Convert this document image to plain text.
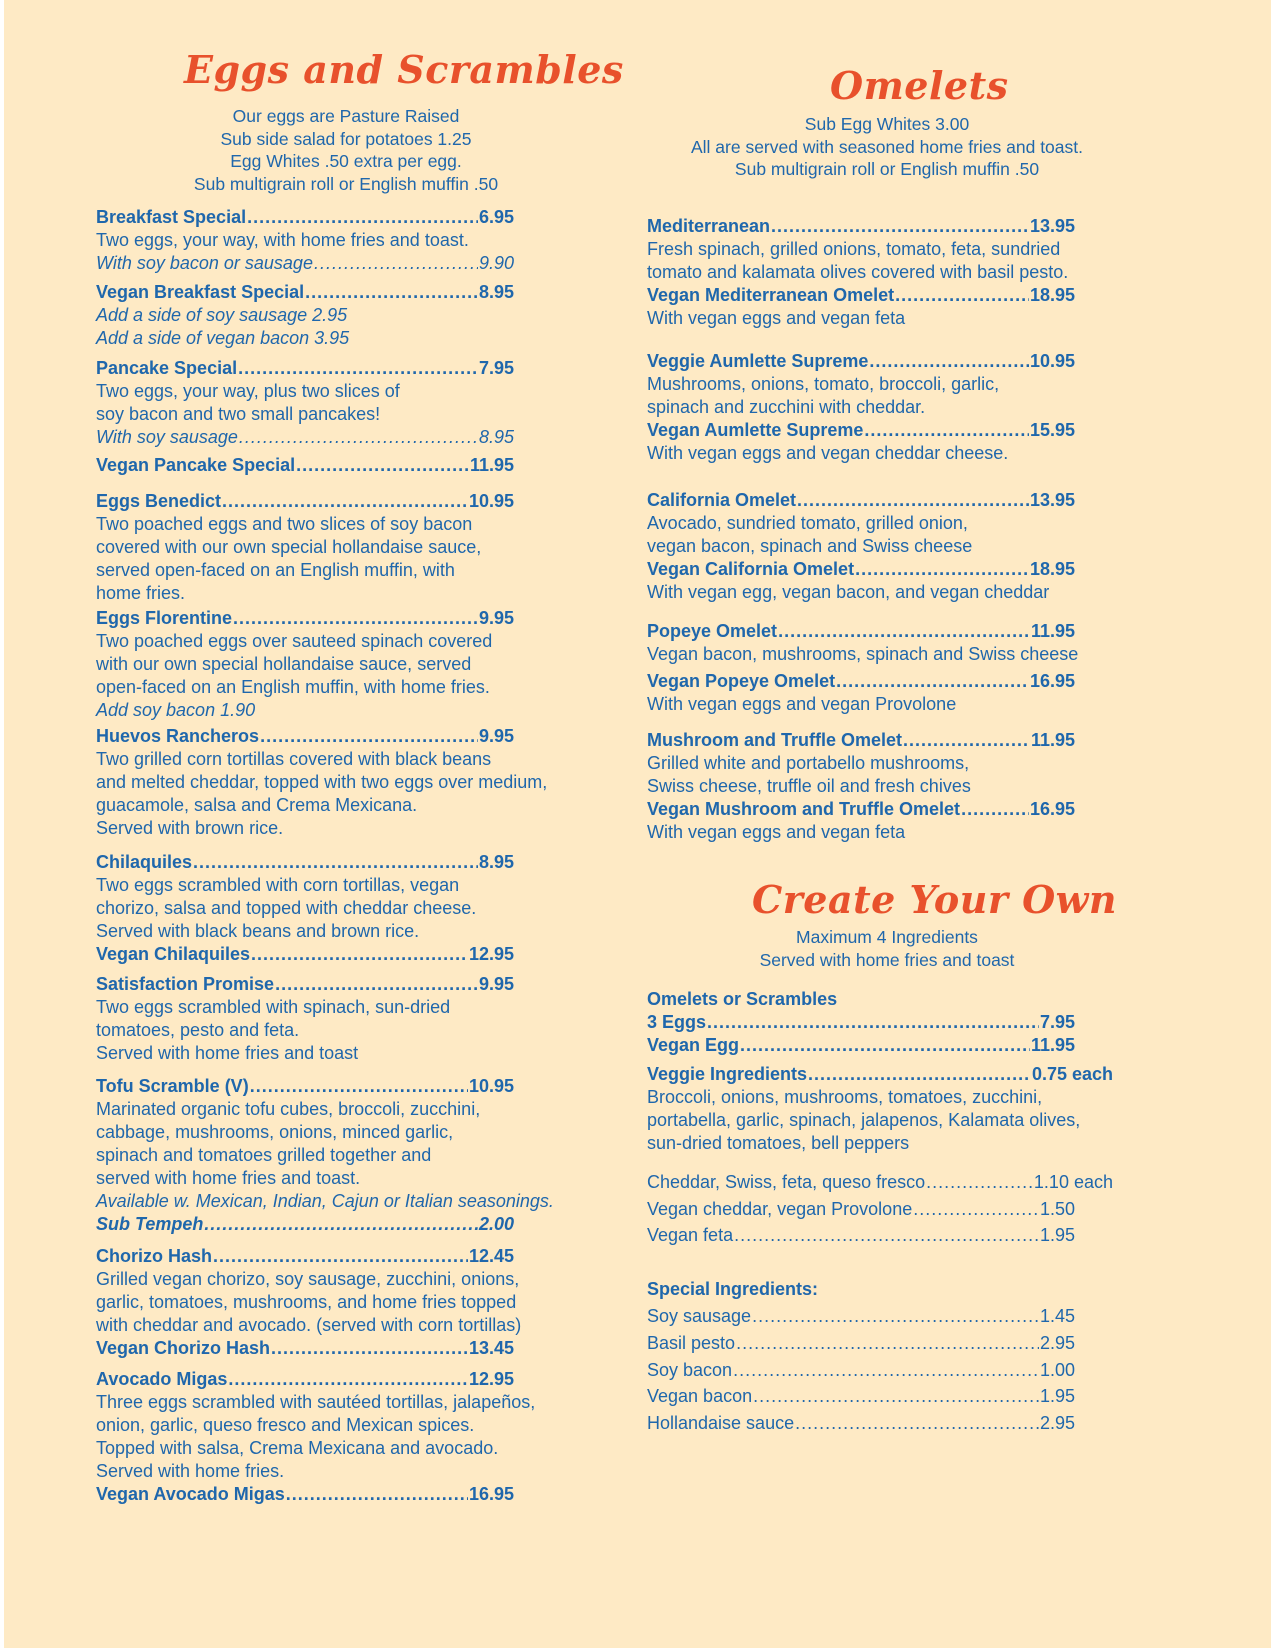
Eggs and Scrambles
Our eggs are Pasture Raised
Sub side salad for potatoes 1.25
Egg Whites .50 extra per egg.
Sub multigrain roll or English muffin .50
Breakfast Special .....	6.95
Two eggs, your way, with home fries and toast.
With soy bacon or sausage .....	9.90
Vegan Breakfast Special .....	8.95
Add a side of soy sausage 2.95
Add a side of vegan bacon 3.95
Pancake Special .....	7.95
Two eggs, your way, plus two slices of
soy bacon and two small pancakes!
With soy sausage .....	8.95
Vegan Pancake Special .....	11.95
Eggs Benedict .....	10.95
Two poached eggs and two slices of soy bacon
covered with our own special hollandaise sauce,
served open-faced on an English muffin, with
home fries.
Eggs Florentine .....	9.95
Two poached eggs over sauteed spinach covered
with our own special hollandaise sauce, served
open-faced on an English muffin, with home fries.
Add soy bacon 1.90
Huevos Rancheros .....	9.95
Two grilled corn tortillas covered with black beans
and melted cheddar, topped with two eggs over medium,
guacamole, salsa and Crema Mexicana.
Served with brown rice.
Chilaquiles .....	8.95
Two eggs scrambled with corn tortillas, vegan
chorizo, salsa and topped with cheddar cheese.
Served with black beans and brown rice.
Vegan Chilaquiles .....	12.95
Satisfaction Promise .....	9.95
Two eggs scrambled with spinach, sun-dried
tomatoes, pesto and feta.
Served with home fries and toast
Tofu Scramble (V) .....	10.95
Marinated organic tofu cubes, broccoli, zucchini,
cabbage, mushrooms, onions, minced garlic,
spinach and tomatoes grilled together and
served with home fries and toast.
Available w. Mexican, Indian, Cajun or Italian seasonings.
Sub Tempeh .....	2.00
Chorizo Hash .....	12.45
Grilled vegan chorizo, soy sausage, zucchini, onions,
garlic, tomatoes, mushrooms, and home fries topped
with cheddar and avocado. (served with corn tortillas)
Vegan Chorizo Hash .....	13.45
Avocado Migas .....	12.95
Three eggs scrambled with sautéed tortillas, jalapeños,
onion, garlic, queso fresco and Mexican spices.
Topped with salsa, Crema Mexicana and avocado.
Served with home fries.
Vegan Avocado Migas .....	16.95
Omelets
Sub Egg Whites 3.00
All are served with seasoned home fries and toast.
Sub multigrain roll or English muffin .50
Mediterranean .....	13.95
Fresh spinach, grilled onions, tomato, feta, sundried
tomato and kalamata olives covered with basil pesto.
Vegan Mediterranean Omelet .....	18.95
With vegan eggs and vegan feta
Veggie Aumlette Supreme .....	10.95
Mushrooms, onions, tomato, broccoli, garlic,
spinach and zucchini with cheddar.
Vegan Aumlette Supreme .....	15.95
With vegan eggs and vegan cheddar cheese.
California Omelet .....	13.95
Avocado, sundried tomato, grilled onion,
vegan bacon, spinach and Swiss cheese
Vegan California Omelet .....	18.95
With vegan egg, vegan bacon, and vegan cheddar
Popeye Omelet .....	11.95
Vegan bacon, mushrooms, spinach and Swiss cheese
Vegan Popeye Omelet .....	16.95
With vegan eggs and vegan Provolone
Mushroom and Truffle Omelet .....	11.95
Grilled white and portabello mushrooms,
Swiss cheese, truffle oil and fresh chives
Vegan Mushroom and Truffle Omelet .....	16.95
With vegan eggs and vegan feta
Create Your Own
Maximum 4 Ingredients
Served with home fries and toast
Omelets or Scrambles
3 Eggs .....	7.95
Vegan Egg .....	11.95
Veggie Ingredients .....	0.75 each
Broccoli, onions, mushrooms, tomatoes, zucchini,
portabella, garlic, spinach, jalapenos, Kalamata olives,
sun-dried tomatoes, bell peppers
Cheddar, Swiss, feta, queso fresco .....	1.10 each
Vegan cheddar, vegan Provolone .....	1.50
Vegan feta .....	1.95
Special Ingredients:
Soy sausage .....	1.45
Basil pesto .....	2.95
Soy bacon .....	1.00
Vegan bacon .....	1.95
Hollandaise sauce .....	2.95
